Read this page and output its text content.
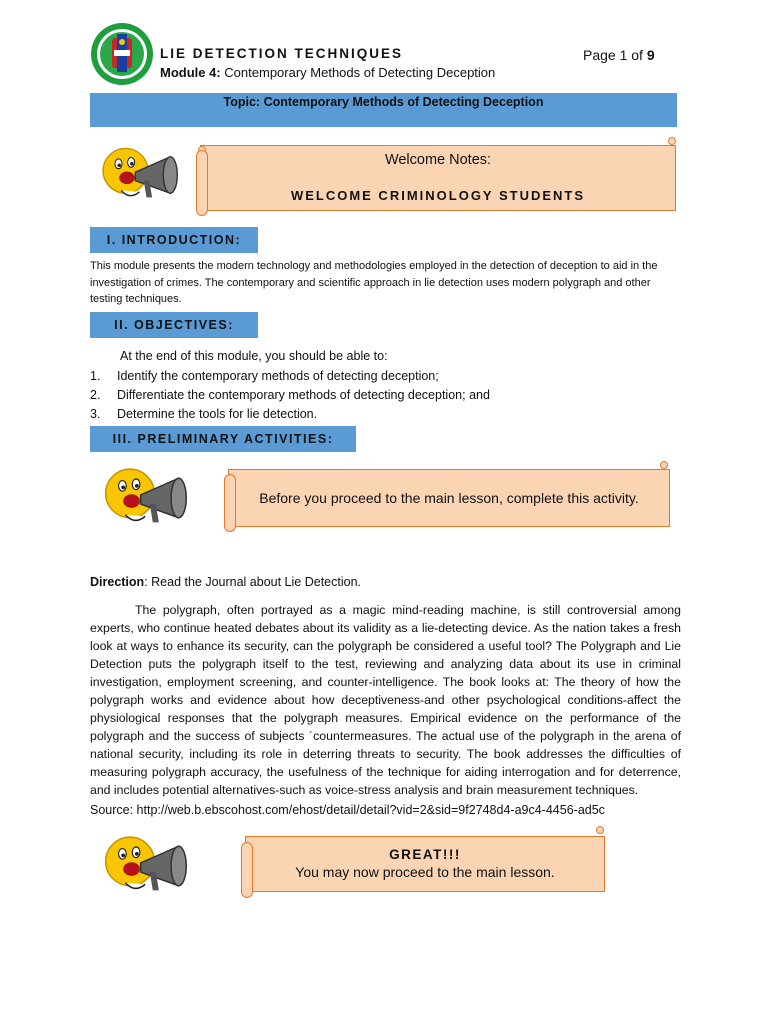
LIE DETECTION TECHNIQUES
Module 4: Contemporary Methods of Detecting Deception
Page 1 of 9
Topic: Contemporary Methods of Detecting Deception
Welcome Notes:
WELCOME CRIMINOLOGY STUDENTS
I. INTRODUCTION:
This module presents the modern technology and methodologies employed in the detection of deception to aid in the investigation of crimes. The contemporary and scientific approach in lie detection uses modern polygraph and other testing techniques.
II. OBJECTIVES:
At the end of this module, you should be able to:
1. Identify the contemporary methods of detecting deception;
2. Differentiate the contemporary methods of detecting deception; and
3. Determine the tools for lie detection.
III. PRELIMINARY ACTIVITIES:
Before you proceed to the main lesson, complete this activity.
Direction: Read the Journal about Lie Detection.
The polygraph, often portrayed as a magic mind-reading machine, is still controversial among experts, who continue heated debates about its validity as a lie-detecting device. As the nation takes a fresh look at ways to enhance its security, can the polygraph be considered a useful tool? The Polygraph and Lie Detection puts the polygraph itself to the test, reviewing and analyzing data about its use in criminal investigation, employment screening, and counter-intelligence. The book looks at: The theory of how the polygraph works and evidence about how deceptiveness-and other psychological conditions-affect the physiological responses that the polygraph measures. Empirical evidence on the performance of the polygraph and the success of subjects ´countermeasures. The actual use of the polygraph in the arena of national security, including its role in deterring threats to security. The book addresses the difficulties of measuring polygraph accuracy, the usefulness of the technique for aiding interrogation and for deterrence, and includes potential alternatives-such as voice-stress analysis and brain measurement techniques.
Source: http://web.b.ebscohost.com/ehost/detail/detail?vid=2&sid=9f2748d4-a9c4-4456-ad5c
GREAT!!!
You may now proceed to the main lesson.
